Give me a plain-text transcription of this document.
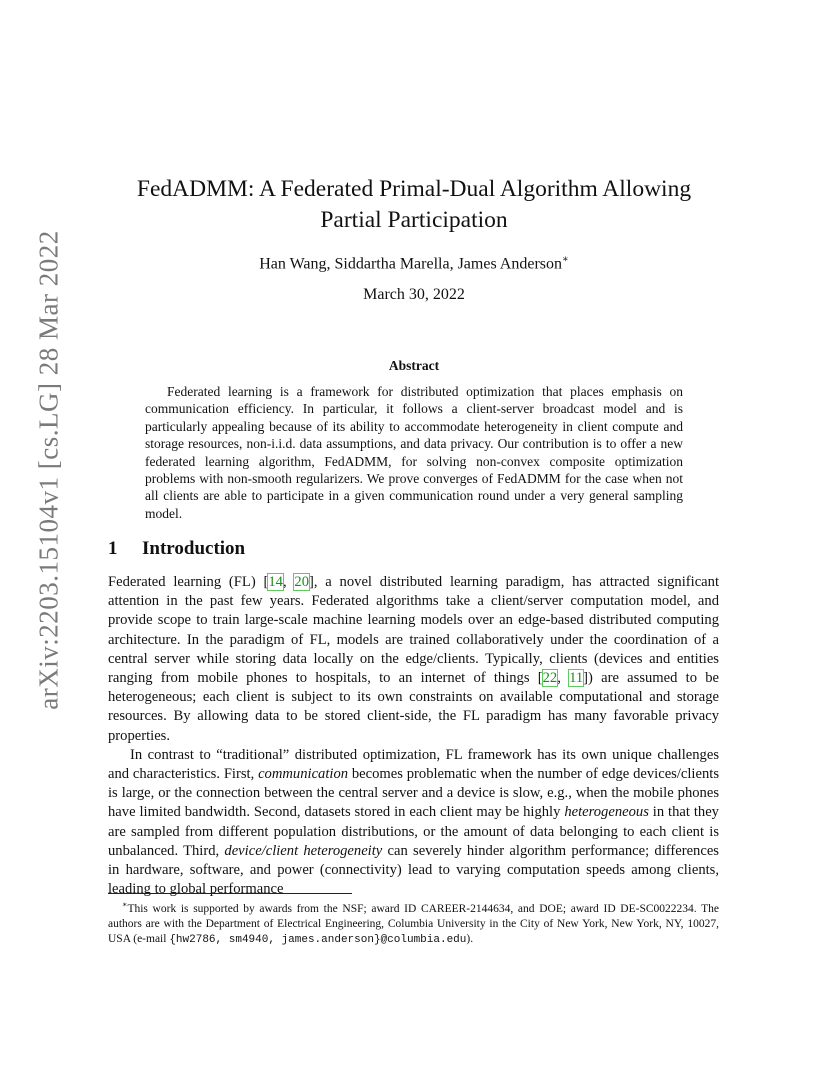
arXiv:2203.15104v1 [cs.LG] 28 Mar 2022
FedADMM: A Federated Primal-Dual Algorithm Allowing
Partial Participation
Han Wang, Siddartha Marella, James Anderson∗
March 30, 2022
Abstract
Federated learning is a framework for distributed optimization that places emphasis on communication efficiency. In particular, it follows a client-server broadcast model and is particularly appealing because of its ability to accommodate heterogeneity in client compute and storage resources, non-i.i.d. data assumptions, and data privacy. Our contribution is to offer a new federated learning algorithm, FedADMM, for solving non-convex composite optimization problems with non-smooth regularizers. We prove converges of FedADMM for the case when not all clients are able to participate in a given communication round under a very general sampling model.
1 Introduction

Federated learning (FL) [14, 20], a novel distributed learning paradigm, has attracted significant attention in the past few years. Federated algorithms take a client/server computation model, and provide scope to train large-scale machine learning models over an edge-based distributed computing architecture. In the paradigm of FL, models are trained collaboratively under the coordination of a central server while storing data locally on the edge/clients. Typically, clients (devices and entities ranging from mobile phones to hospitals, to an internet of things [22, 11]) are assumed to be heterogeneous; each client is subject to its own constraints on available computational and storage resources. By allowing data to be stored client-side, the FL paradigm has many favorable privacy properties.

In contrast to “traditional” distributed optimization, FL framework has its own unique challenges and characteristics. First, communication becomes problematic when the number of edge devices/clients is large, or the connection between the central server and a device is slow, e.g., when the mobile phones have limited bandwidth. Second, datasets stored in each client may be highly heterogeneous in that they are sampled from different population distributions, or the amount of data belonging to each client is unbalanced. Third, device/client heterogeneity can severely hinder algorithm performance; differences in hardware, software, and power (connectivity) lead to varying computation speeds among clients, leading to global performance

∗This work is supported by awards from the NSF; award ID CAREER-2144634, and DOE; award ID DE-SC0022234. The authors are with the Department of Electrical Engineering, Columbia University in the City of New York, New York, NY, 10027, USA (e-mail {hw2786, sm4940, james.anderson}@columbia.edu).
